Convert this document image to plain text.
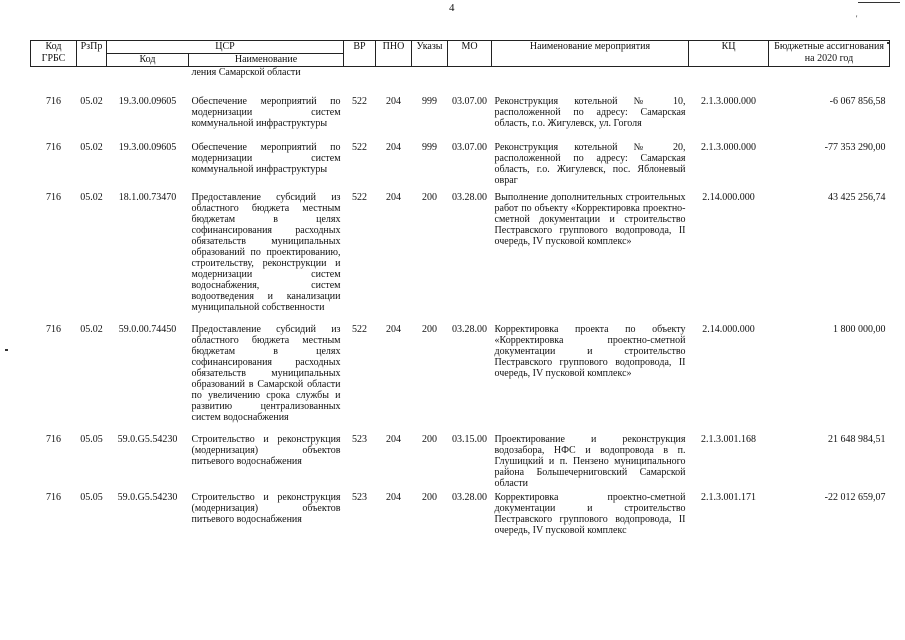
'
4
Код ГРБС	РзПр	ЦСР		ВР	ПНО	Указы	МО	Наименование мероприятия	КЦ	Бюджетные ассигнования на 2020 год
		Код	Наименование							
			ления Самарской области							

716	05.02	19.3.00.09605	Обеспечение мероприятий по модернизации систем коммунальной инфраструктуры	522	204	999	03.07.00	Реконструкция котельной № 10, расположенной по адресу: Самарская область, г.о. Жигулевск, ул. Гоголя	2.1.3.000.000	-6 067 856,58

716	05.02	19.3.00.09605	Обеспечение мероприятий по модернизации систем коммунальной инфраструктуры	522	204	999	03.07.00	Реконструкция котельной № 20, расположенной по адресу: Самарская область, г.о. Жигулевск, пос. Яблоневый овраг	2.1.3.000.000	-77 353 290,00

716	05.02	18.1.00.73470	Предоставление субсидий из областного бюджета местным бюджетам в целях софинансирования расходных обязательств муниципальных образований по проектированию, строительству, реконструкции и модернизации систем водоснабжения, систем водоотведения и канализации муниципальной собственности	522	204	200	03.28.00	Выполнение дополнительных строительных работ по объекту «Корректировка проектно-сметной документации и строительство Пестравского группового водопровода, II очередь, IV пусковой комплекс»	2.14.000.000	43 425 256,74
716	05.02	59.0.00.74450	Предоставление субсидий из областного бюджета местным бюджетам в целях софинансирования расходных обязательств муниципальных образований в Самарской области по увеличению срока службы и развитию централизованных систем водоснабжения	522	204	200	03.28.00	Корректировка проекта по объекту «Корректировка проектно-сметной документации и строительство Пестравского группового водопровода, II очередь, IV пусковой комплекс»	2.14.000.000	1 800 000,00
716	05.05	59.0.G5.54230	Строительство и реконструкция (модернизация) объектов питьевого водоснабжения	523	204	200	03.15.00	Проектирование и реконструкция водозабора, НФС и водопровода в п. Глушицкий и п. Пензено муниципального района Большечерниговский Самарской области	2.1.3.001.168	21 648 984,51
716	05.05	59.0.G5.54230	Строительство и реконструкция (модернизация) объектов питьевого водоснабжения	523	204	200	03.28.00	Корректировка проектно-сметной документации и строительство Пестравского группового водопровода, II очередь, IV пусковой комплекс	2.1.3.001.171	-22 012 659,07
